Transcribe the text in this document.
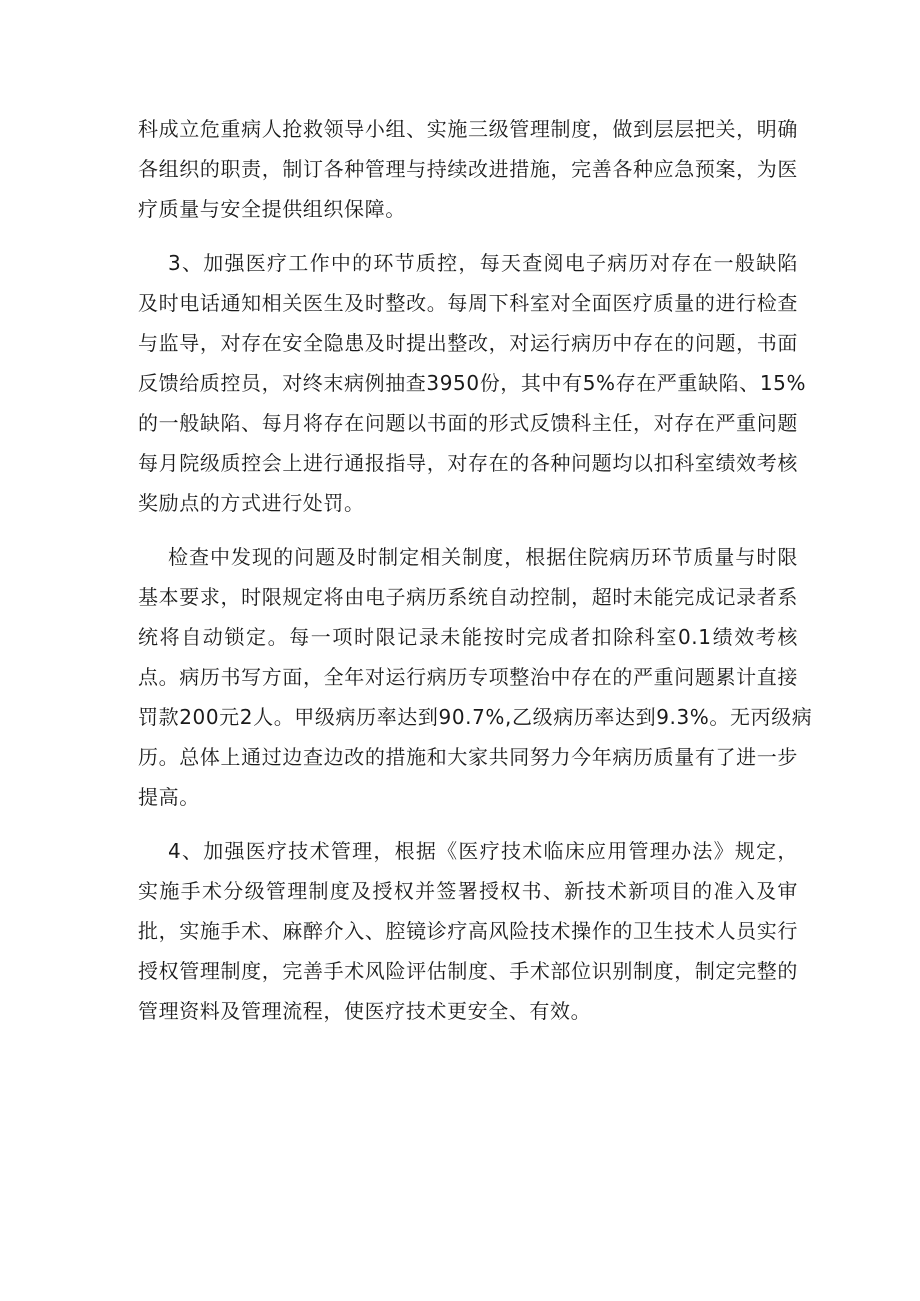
科成立危重病人抢救领导小组、实施三级管理制度，做到层层把关，明确
各组织的职责，制订各种管理与持续改进措施，完善各种应急预案，为医
疗质量与安全提供组织保障。
3、加强医疗工作中的环节质控，每天查阅电子病历对存在一般缺陷
及时电话通知相关医生及时整改。每周下科室对全面医疗质量的进行检查
与监导，对存在安全隐患及时提出整改，对运行病历中存在的问题，书面
反馈给质控员，对终末病例抽查3950份，其中有5%存在严重缺陷、15%
的一般缺陷、每月将存在问题以书面的形式反馈科主任，对存在严重问题
每月院级质控会上进行通报指导，对存在的各种问题均以扣科室绩效考核
奖励点的方式进行处罚。
检查中发现的问题及时制定相关制度，根据住院病历环节质量与时限
基本要求，时限规定将由电子病历系统自动控制，超时未能完成记录者系
统将自动锁定。每一项时限记录未能按时完成者扣除科室0.1绩效考核
点。病历书写方面，全年对运行病历专项整治中存在的严重问题累计直接
罚款200元2人。甲级病历率达到90.7%,乙级病历率达到9.3%。无丙级病
历。总体上通过边查边改的措施和大家共同努力今年病历质量有了进一步
提高。
4、加强医疗技术管理，根据《医疗技术临床应用管理办法》规定，
实施手术分级管理制度及授权并签署授权书、新技术新项目的准入及审
批，实施手术、麻醉介入、腔镜诊疗高风险技术操作的卫生技术人员实行
授权管理制度，完善手术风险评估制度、手术部位识别制度，制定完整的
管理资料及管理流程，使医疗技术更安全、有效。
